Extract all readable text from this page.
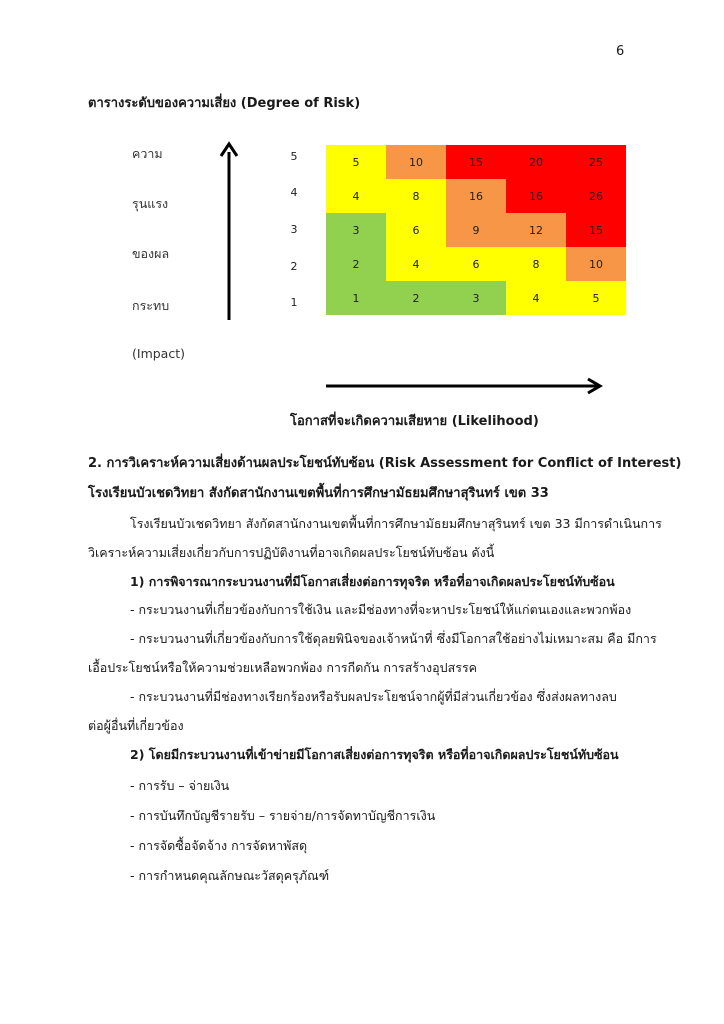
6
ตารางระดับของความเสี่ยง (Degree of Risk)
ความ
รุนแรง
ของผล
กระทบ
(Impact)
5
4
3
2
1
5	10	15	20	25
4	8	16	16	26
3	6	9	12	15
2	4	6	8	10
1	2	3	4	5
โอกาสที่จะเกิดความเสียหาย (Likelihood)
2. การวิเคราะห์ความเสี่ยงด้านผลประโยชน์ทับซ้อน (Risk Assessment for Conflict of Interest)
โรงเรียนบัวเชดวิทยา สังกัดสานักงานเขตพื้นที่การศึกษามัธยมศึกษาสุรินทร์ เขต 33
โรงเรียนบัวเชดวิทยา สังกัดสานักงานเขตพื้นที่การศึกษามัธยมศึกษาสุรินทร์ เขต 33 มีการดำเนินการ
วิเคราะห์ความเสี่ยงเกี่ยวกับการปฏิบัติงานที่อาจเกิดผลประโยชน์ทับซ้อน ดังนี้
1) การพิจารณากระบวนงานที่มีโอกาสเสี่ยงต่อการทุจริต หรือที่อาจเกิดผลประโยชน์ทับซ้อน
- กระบวนงานที่เกี่ยวข้องกับการใช้เงิน และมีช่องทางที่จะหาประโยชน์ให้แก่ตนเองและพวกพ้อง
- กระบวนงานที่เกี่ยวข้องกับการใช้ดุลยพินิจของเจ้าหน้าที่ ซึ่งมีโอกาสใช้อย่างไม่เหมาะสม คือ มีการ
เอื้อประโยชน์หรือให้ความช่วยเหลือพวกพ้อง การกีดกัน การสร้างอุปสรรค
- กระบวนงานที่มีช่องทางเรียกร้องหรือรับผลประโยชน์จากผู้ที่มีส่วนเกี่ยวข้อง ซึ่งส่งผลทางลบ
ต่อผู้อื่นที่เกี่ยวข้อง
2) โดยมีกระบวนงานที่เข้าข่ายมีโอกาสเสี่ยงต่อการทุจริต หรือที่อาจเกิดผลประโยชน์ทับซ้อน
- การรับ – จ่ายเงิน
- การบันทึกบัญชีรายรับ – รายจ่าย/การจัดทาบัญชีการเงิน
- การจัดซื้อจัดจ้าง การจัดหาพัสดุ
- การกำหนดคุณลักษณะวัสดุครุภัณฑ์
